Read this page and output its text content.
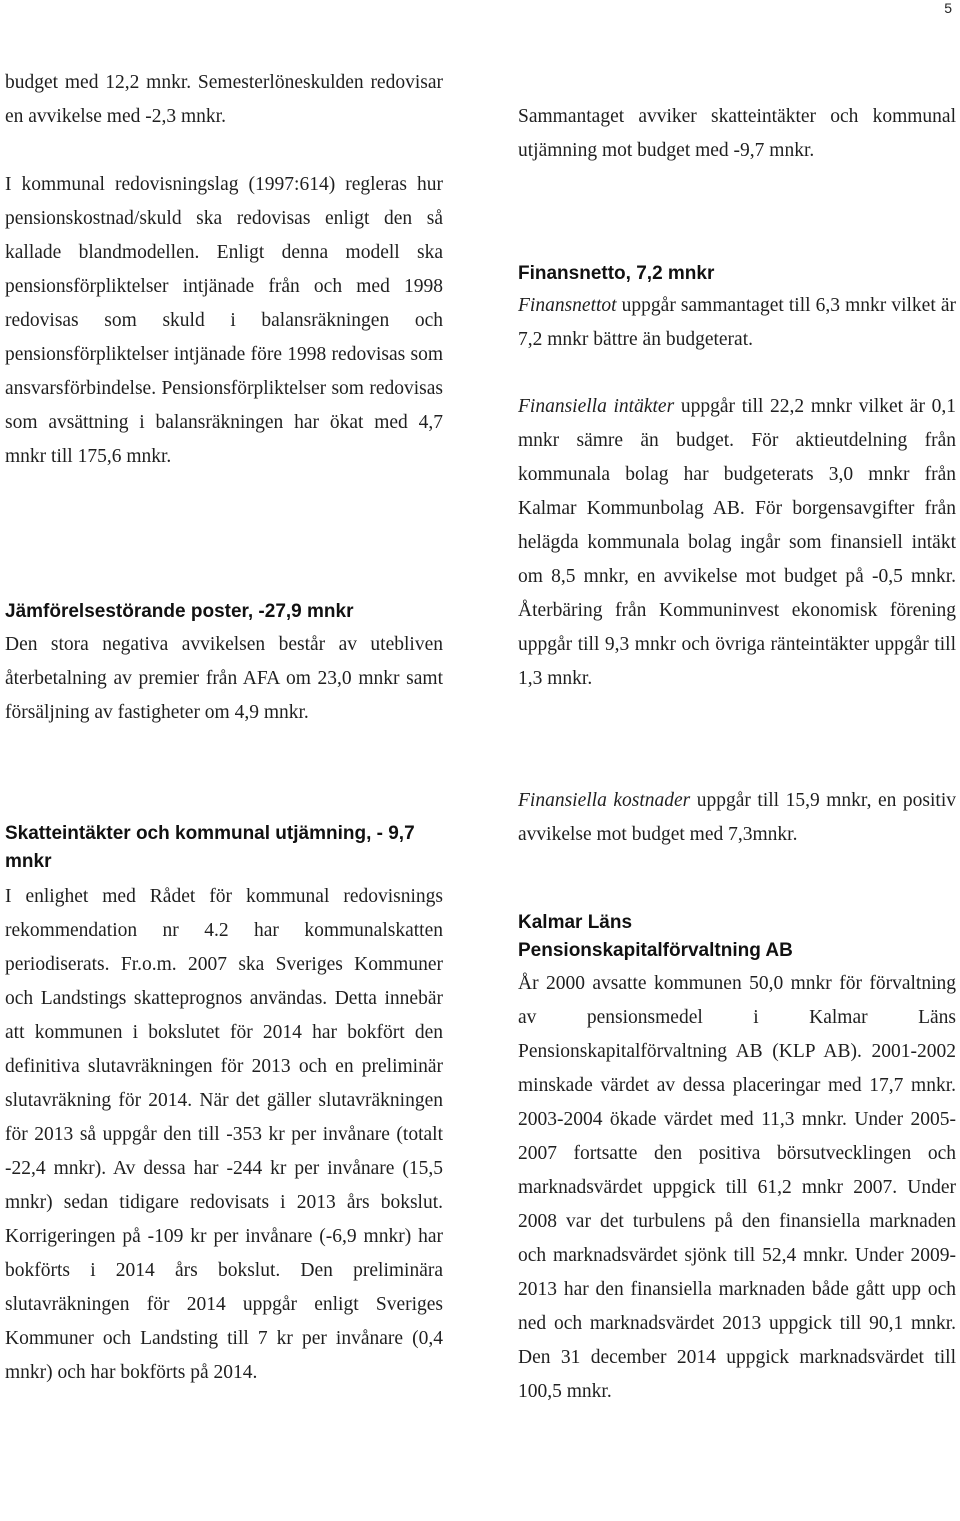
5

budget med 12,2 mnkr. Semesterlöneskulden redovisar en avvikelse med -2,3 mnkr.

I kommunal redovisningslag (1997:614) regleras hur pensionskostnad/skuld ska redovisas enligt den så kallade blandmodellen. Enligt denna modell ska pensionsförpliktelser intjänade från och med 1998 redovisas som skuld i balansräkningen och pensionsförpliktelser intjänade före 1998 redovisas som ansvarsförbindelse. Pensionsförpliktelser som redovisas som avsättning i balansräkningen har ökat med 4,7 mnkr till 175,6 mnkr.

Jämförelsestörande poster, -27,9 mnkr

Den stora negativa avvikelsen består av utebliven återbetalning av premier från AFA om 23,0 mnkr samt försäljning av fastigheter om 4,9 mnkr.

Skatteintäkter och kommunal utjämning, - 9,7 mnkr

I enlighet med Rådet för kommunal redovisnings rekommendation nr 4.2 har kommunalskatten periodiserats. Fr.o.m. 2007 ska Sveriges Kommuner och Landstings skatteprognos användas. Detta innebär att kommunen i bokslutet för 2014 har bokfört den definitiva slutavräkningen för 2013 och en preliminär slutavräkning för 2014. När det gäller slutavräkningen för 2013 så uppgår den till -353 kr per invånare (totalt -22,4 mnkr). Av dessa har -244 kr per invånare (15,5 mnkr) sedan tidigare redovisats i 2013 års bokslut. Korrigeringen på -109 kr per invånare (-6,9 mnkr) har bokförts i 2014 års bokslut. Den preliminära slutavräkningen för 2014 uppgår enligt Sveriges Kommuner och Landsting till 7 kr per invånare (0,4 mnkr) och har bokförts på 2014.

Sammantaget avviker skatteintäkter och kommunal utjämning mot budget med -9,7 mnkr.

Finansnetto, 7,2 mnkr

Finansnettot uppgår sammantaget till 6,3 mnkr vilket är 7,2 mnkr bättre än budgeterat.

Finansiella intäkter uppgår till 22,2 mnkr vilket är 0,1 mnkr sämre än budget. För aktieutdelning från kommunala bolag har budgeterats 3,0 mnkr från Kalmar Kommunbolag AB. För borgensavgifter från helägda kommunala bolag ingår som finansiell intäkt om 8,5 mnkr, en avvikelse mot budget på -0,5 mnkr. Återbäring från Kommuninvest ekonomisk förening uppgår till 9,3 mnkr och övriga ränteintäkter uppgår till 1,3 mnkr.

Finansiella kostnader uppgår till 15,9 mnkr, en positiv avvikelse mot budget med 7,3mnkr.

Kalmar Läns
Pensionskapitalförvaltning AB

År 2000 avsatte kommunen 50,0 mnkr för förvaltning av pensionsmedel i Kalmar Läns Pensionskapitalförvaltning AB (KLP AB). 2001-2002 minskade värdet av dessa placeringar med 17,7 mnkr. 2003-2004 ökade värdet med 11,3 mnkr. Under 2005-2007 fortsatte den positiva börsutvecklingen och marknadsvärdet uppgick till 61,2 mnkr 2007. Under 2008 var det turbulens på den finansiella marknaden och marknadsvärdet sjönk till 52,4 mnkr. Under 2009-2013 har den finansiella marknaden både gått upp och ned och marknadsvärdet 2013 uppgick till 90,1 mnkr. Den 31 december 2014 uppgick marknadsvärdet till 100,5 mnkr.
